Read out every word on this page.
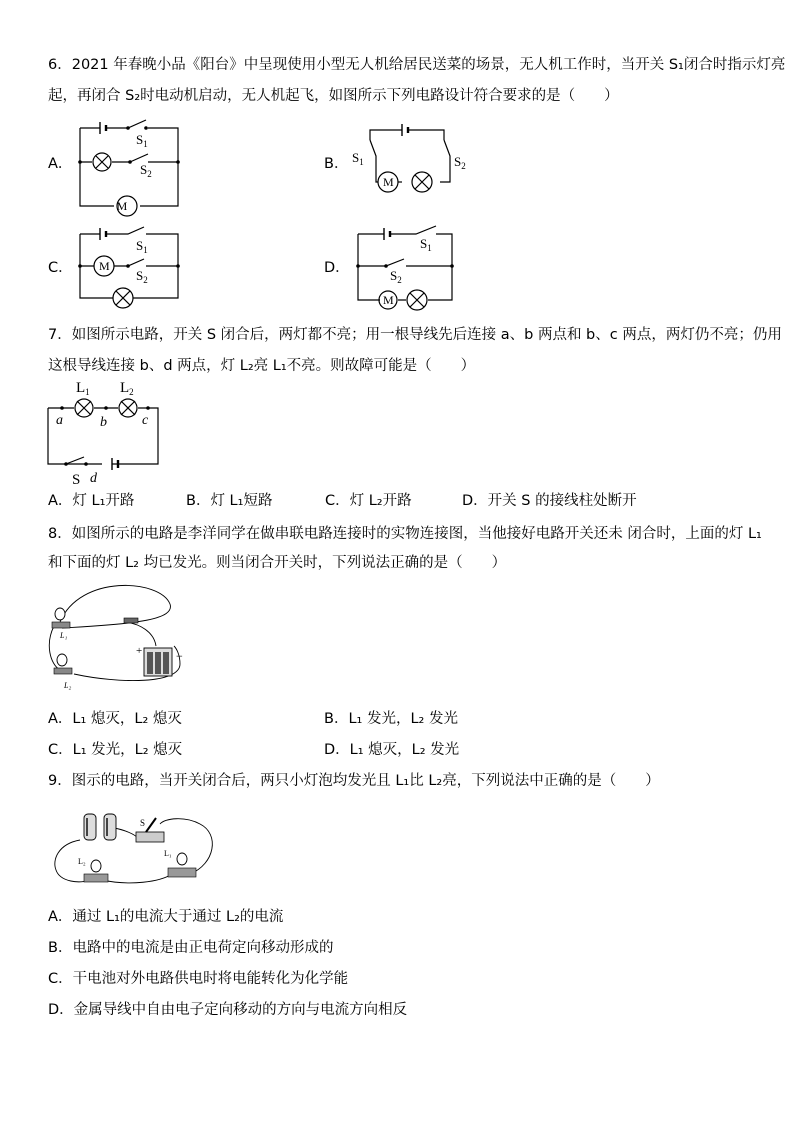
6．2021 年春晚小品《阳台》中呈现使用小型无人机给居民送菜的场景，无人机工作时，当开关 S₁闭合时指示灯亮
起，再闭合 S₂时电动机启动，无人机起飞，如图所示下列电路设计符合要求的是（　　）
A．	B．
C．	D．
M
$S_1$
$S_2$
M
$S_1$	$S_2$
M
$S_1$
$S_2$
M
$S_1$
$S_2$
7．如图所示电路，开关 S 闭合后，两灯都不亮；用一根导线先后连接 a、b 两点和 b、c 两点，两灯仍不亮；仍用
这根导线连接 b、d 两点，灯 L₂亮 L₁不亮。则故障可能是（　　）
$L_1$ $L_2$
a	b	c
d
S
A．灯 L₁开路	B．灯 L₁短路	C．灯 L₂开路	D．开关 S 的接线柱处断开
8．如图所示的电路是李洋同学在做串联电路连接时的实物连接图，当他接好电路开关还未 闭合时，上面的灯 L₁
和下面的灯 L₂ 均已发光。则当闭合开关时，下列说法正确的是（　　）
L₁
L₂
+	−
A．L₁ 熄灭，L₂ 熄灭	B．L₁ 发光，L₂ 发光
C．L₁ 发光，L₂ 熄灭	D．L₁ 熄灭，L₂ 发光
9．图示的电路，当开关闭合后，两只小灯泡均发光且 L₁比 L₂亮，下列说法中正确的是（　　）
S
L₂
L₁
A．通过 L₁的电流大于通过 L₂的电流
B．电路中的电流是由正电荷定向移动形成的
C．干电池对外电路供电时将电能转化为化学能
D．金属导线中自由电子定向移动的方向与电流方向相反
